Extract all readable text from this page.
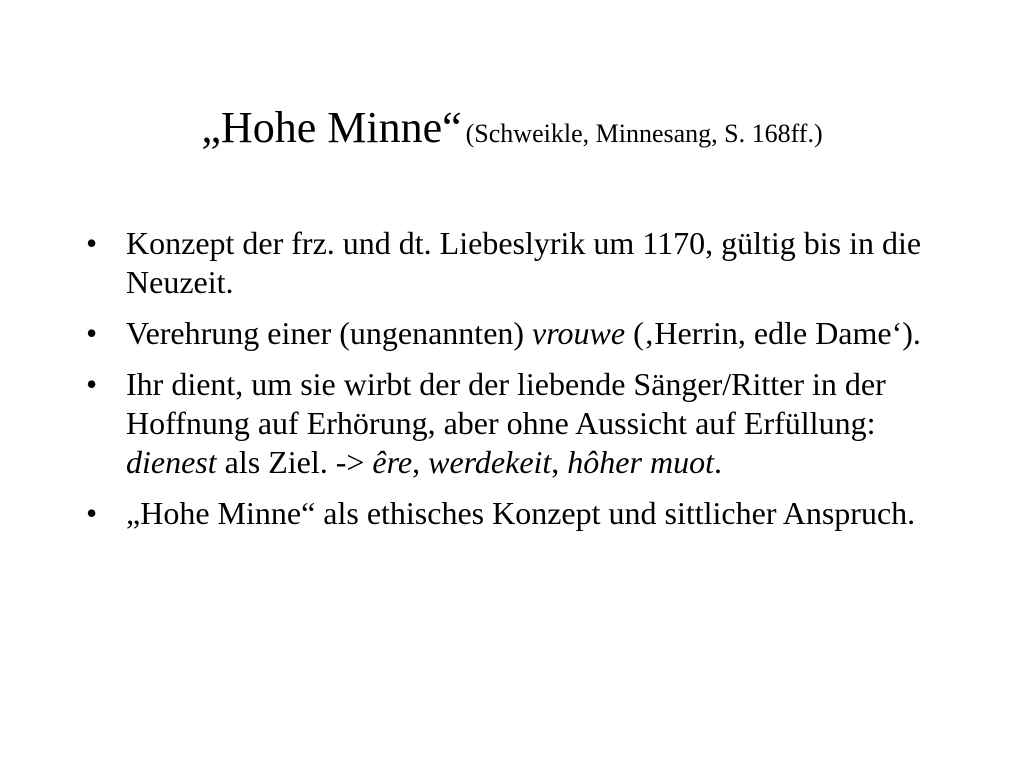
„Hohe Minne“ (Schweikle, Minnesang, S. 168ff.)
• Konzept der frz. und dt. Liebeslyrik um 1170, gültig bis in die Neuzeit.
• Verehrung einer (ungenannten) vrouwe (‚Herrin, edle Dame‘).
• Ihr dient, um sie wirbt der der liebende Sänger/Ritter in der Hoffnung auf Erhörung, aber ohne Aussicht auf Erfüllung: dienest als Ziel. -> êre, werdekeit, hôher muot.
• „Hohe Minne“ als ethisches Konzept und sittlicher Anspruch.
